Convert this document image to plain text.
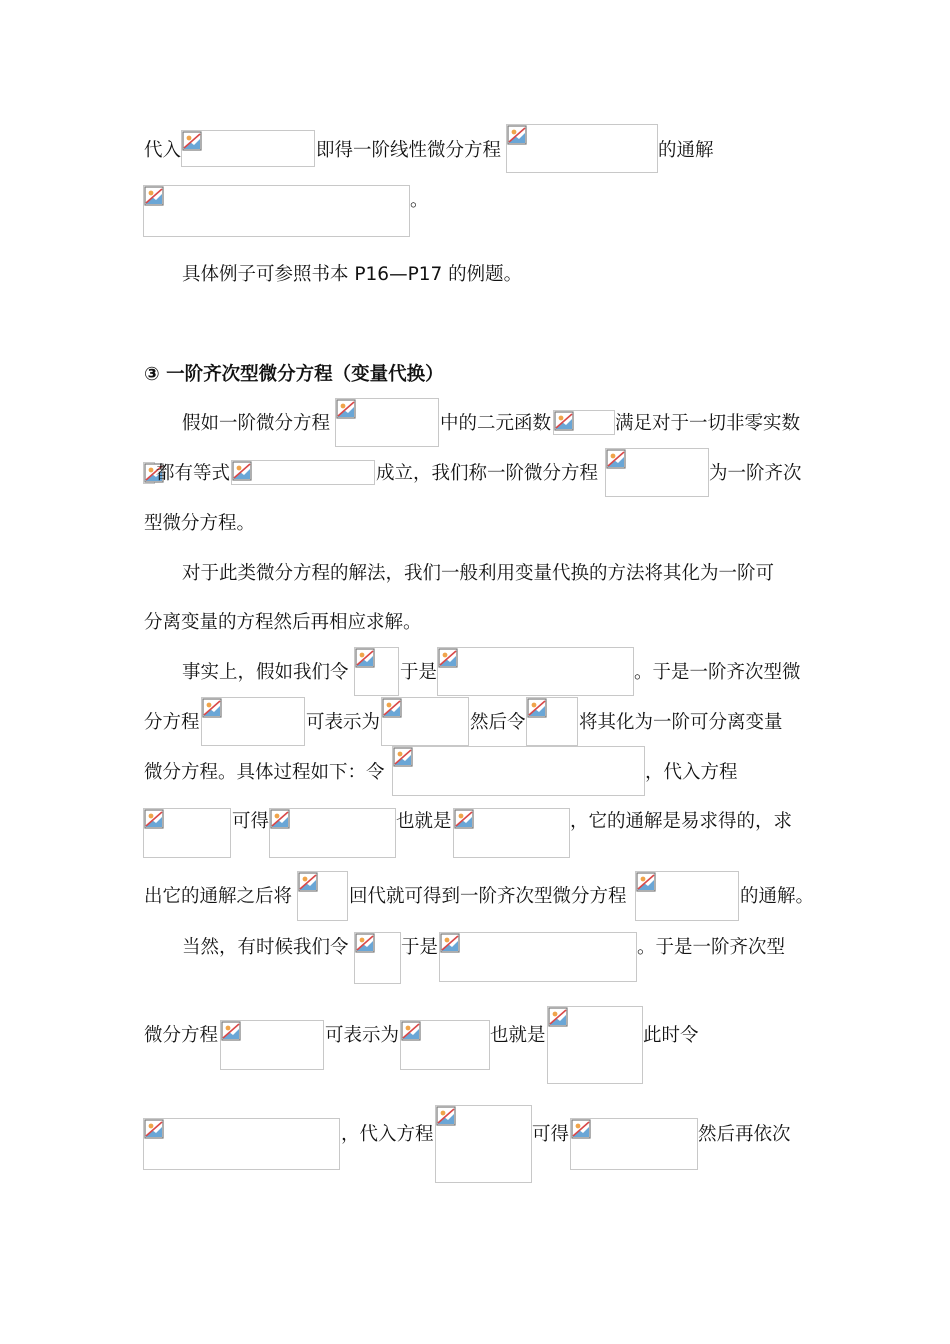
代入	即得一阶线性微分方程	的通解
。
具体例子可参照书本 P16—P17 的例题。
③ 一阶齐次型微分方程（变量代换）
假如一阶微分方程	中的二元函数	满足对于一切非零实数
都有等式	成立，我们称一阶微分方程	为一阶齐次
型微分方程。
对于此类微分方程的解法，我们一般利用变量代换的方法将其化为一阶可
分离变量的方程然后再相应求解。
事实上，假如我们令	于是	。于是一阶齐次型微
分方程	可表示为	然后令	将其化为一阶可分离变量
微分方程。具体过程如下：令	，代入方程
可得	也就是	，它的通解是易求得的，求
出它的通解之后将	回代就可得到一阶齐次型微分方程	的通解。
当然，有时候我们令	于是	。于是一阶齐次型
微分方程	可表示为	也就是	此时令
，代入方程	可得	然后再依次
